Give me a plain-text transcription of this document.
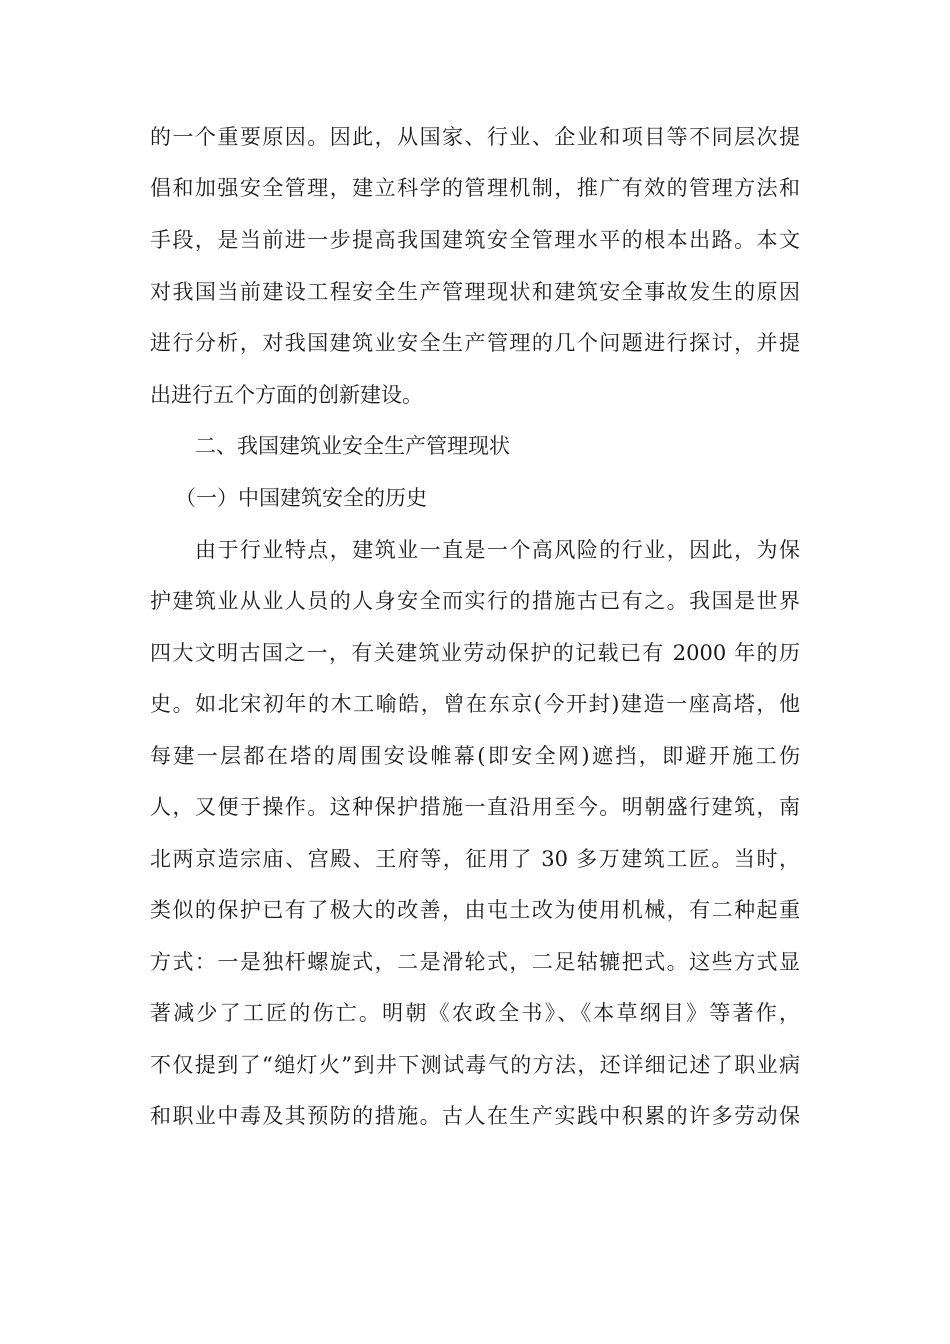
的一个重要原因。因此，从国家、行业、企业和项目等不同层次提
倡和加强安全管理，建立科学的管理机制，推广有效的管理方法和
手段，是当前进一步提高我国建筑安全管理水平的根本出路。本文
对我国当前建设工程安全生产管理现状和建筑安全事故发生的原因
进行分析，对我国建筑业安全生产管理的几个问题进行探讨，并提
出进行五个方面的创新建设。
二、我国建筑业安全生产管理现状
（一）中国建筑安全的历史
由于行业特点，建筑业一直是一个高风险的行业，因此，为保
护建筑业从业人员的人身安全而实行的措施古已有之。我国是世界
四大文明古国之一，有关建筑业劳动保护的记载已有 2000 年的历
史。如北宋初年的木工喻皓，曾在东京(今开封)建造一座高塔，他
每建一层都在塔的周围安设帷幕(即安全网)遮挡，即避开施工伤
人，又便于操作。这种保护措施一直沿用至今。明朝盛行建筑，南
北两京造宗庙、宫殿、王府等，征用了 30 多万建筑工匠。当时，
类似的保护已有了极大的改善，由屯土改为使用机械，有二种起重
方式：一是独杆螺旋式，二是滑轮式，二足轱辘把式。这些方式显
著减少了工匠的伤亡。明朝《农政全书》、《本草纲目》等著作，
不仅提到了“缒灯火”到井下测试毒气的方法，还详细记述了职业病
和职业中毒及其预防的措施。古人在生产实践中积累的许多劳动保
